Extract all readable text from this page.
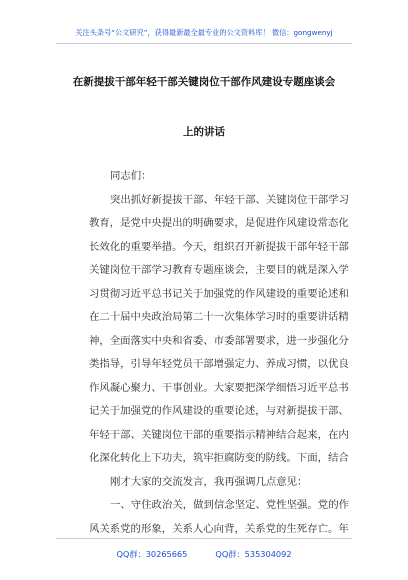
关注头条号“公文研究”，获得最新最全最专业的公文资料库！ 微信：gongwenyj
在新提拔干部年轻干部关键岗位干部作风建设专题座谈会
上的讲话
同志们：
突出抓好新提拔干部、年轻干部、关键岗位干部学习
教育，是党中央提出的明确要求，是促进作风建设常态化
长效化的重要举措。今天，组织召开新提拔干部年轻干部
关键岗位干部学习教育专题座谈会，主要目的就是深入学
习贯彻习近平总书记关于加强党的作风建设的重要论述和
在二十届中央政治局第二十一次集体学习时的重要讲话精
神，全面落实中央和省委、市委部署要求，进一步强化分
类指导，引导年轻党员干部增强定力、养成习惯，以优良
作风凝心聚力、干事创业。大家要把深学细悟习近平总书
记关于加强党的作风建设的重要论述，与对新提拔干部、
年轻干部、关键岗位干部的重要指示精神结合起来，在内
化深化转化上下功夫，筑牢拒腐防变的防线。下面，结合
刚才大家的交流发言，我再强调几点意见：
一、守住政治关，做到信念坚定、党性坚强。党的作
风关系党的形象，关系人心向背，关系党的生死存亡。年
QQ群：30265665	QQ群：535304092
